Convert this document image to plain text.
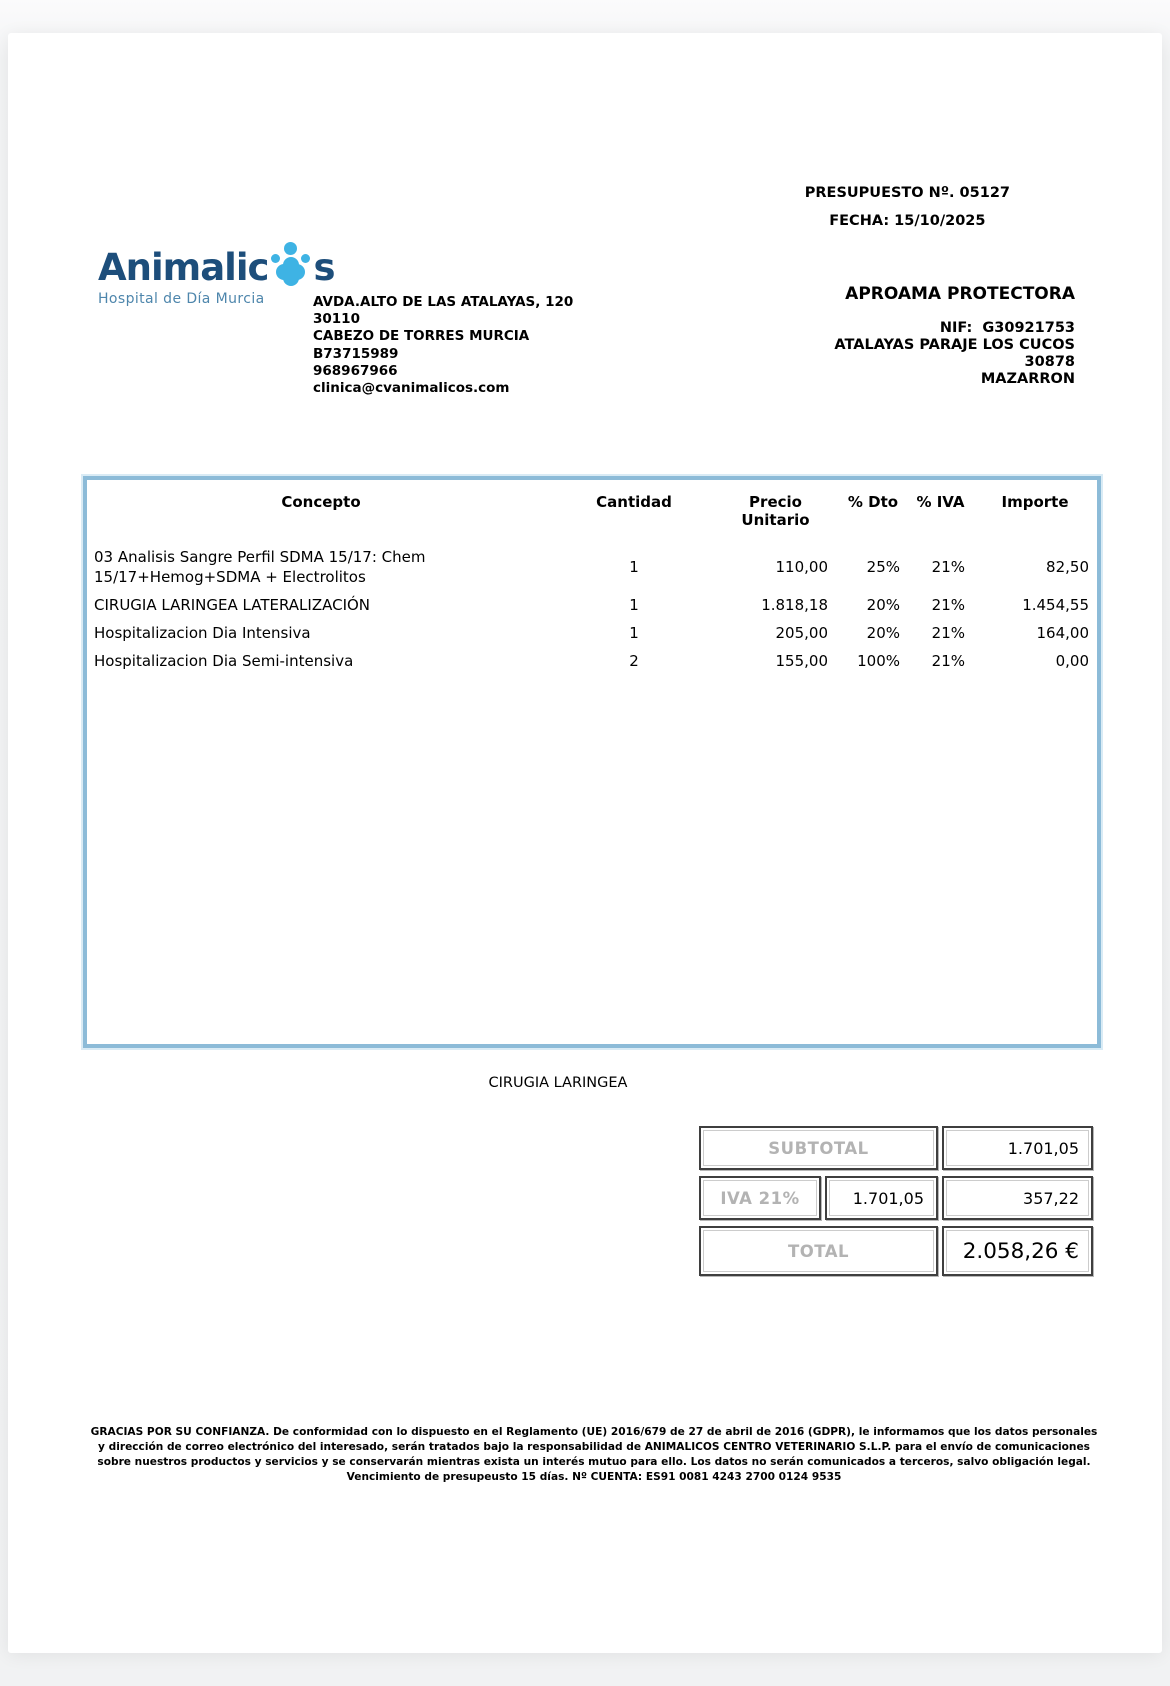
PRESUPUESTO Nº. 05127
FECHA: 15/10/2025
Animalic s
Hospital de Día Murcia	AVDA.ALTO DE LAS ATALAYAS, 120
30110
CABEZO DE TORRES MURCIA
B73715989
968967966
clinica@cvanimalicos.com
APROAMA PROTECTORA
NIF:  G30921753
ATALAYAS PARAJE LOS CUCOS
30878
MAZARRON
Concepto	Cantidad	Precio Unitario	% Dto	% IVA	Importe

03 Analisis Sangre Perfil SDMA 15/17: Chem 15/17+Hemog+SDMA + Electrolitos	1	110,00	25%	21%	82,50

CIRUGIA LARINGEA LATERALIZACIÓN	1	1.818,18	20%	21%	1.454,55

Hospitalizacion Dia Intensiva	1	205,00	20%	21%	164,00

Hospitalizacion Dia Semi-intensiva	2	155,00	100%	21%	0,00
CIRUGIA LARINGEA
SUBTOTAL	1.701,05
IVA 21%	1.701,05	357,22
TOTAL	2.058,26 €
GRACIAS POR SU CONFIANZA. De conformidad con lo dispuesto en el Reglamento (UE) 2016/679 de 27 de abril de 2016 (GDPR), le informamos que los datos personales y dirección de correo electrónico del interesado, serán tratados bajo la responsabilidad de ANIMALICOS CENTRO VETERINARIO S.L.P. para el envío de comunicaciones sobre nuestros productos y servicios y se conservarán mientras exista un interés mutuo para ello. Los datos no serán comunicados a terceros, salvo obligación legal. Vencimiento de presupeusto 15 días. Nº CUENTA: ES91 0081 4243 2700 0124 9535
